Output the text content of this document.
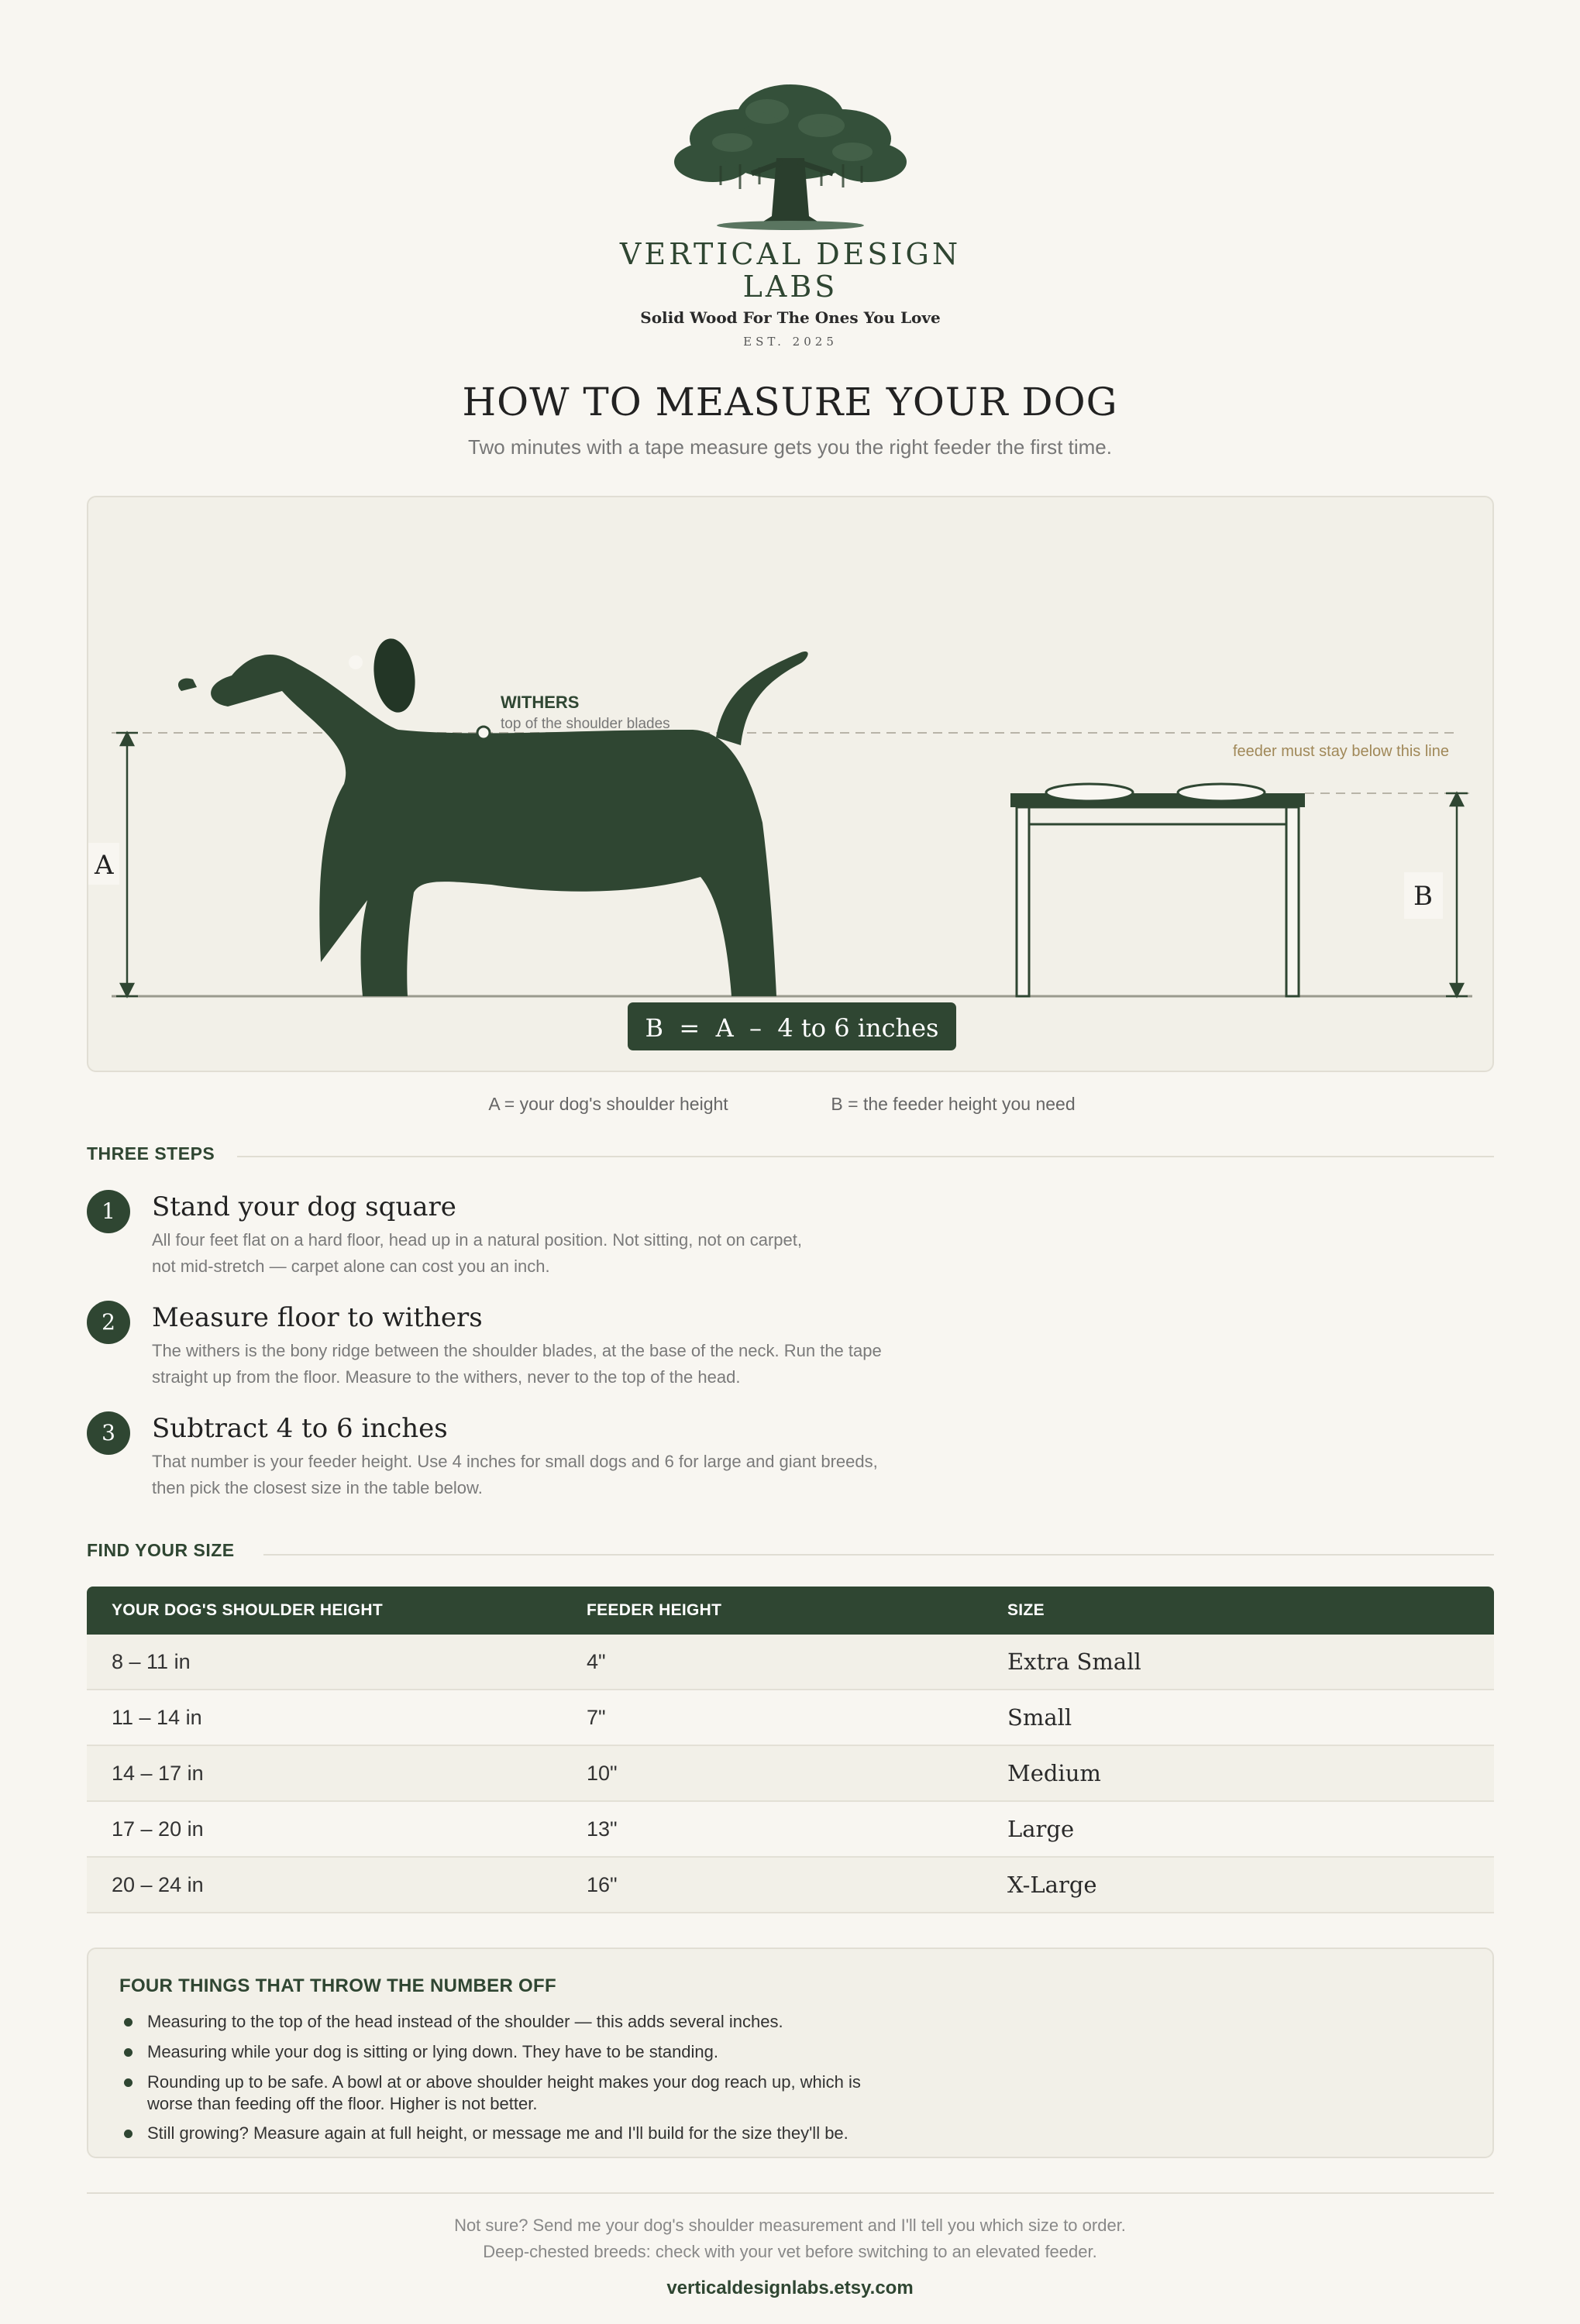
VERTICAL DESIGN
LABS
Solid Wood For The Ones You Love
EST. 2025
HOW TO MEASURE YOUR DOG
Two minutes with a tape measure gets you the right feeder the first time.
WITHERS
top of the shoulder blades
feeder must stay below this line
A
B
B  =  A  –  4 to 6 inches
A = your dog's shoulder height	B = the feeder height you need
THREE STEPS
1	Stand your dog square
All four feet flat on a hard floor, head up in a natural position. Not sitting, not on carpet,
not mid-stretch — carpet alone can cost you an inch.
2	Measure floor to withers
The withers is the bony ridge between the shoulder blades, at the base of the neck. Run the tape
straight up from the floor. Measure to the withers, never to the top of the head.
3	Subtract 4 to 6 inches
That number is your feeder height. Use 4 inches for small dogs and 6 for large and giant breeds,
then pick the closest size in the table below.
FIND YOUR SIZE
YOUR DOG'S SHOULDER HEIGHT	FEEDER HEIGHT	SIZE
8 – 11 in	4"	Extra Small
11 – 14 in	7"	Small
14 – 17 in	10"	Medium
17 – 20 in	13"	Large
20 – 24 in	16"	X-Large
FOUR THINGS THAT THROW THE NUMBER OFF
Measuring to the top of the head instead of the shoulder — this adds several inches.
Measuring while your dog is sitting or lying down. They have to be standing.
Rounding up to be safe. A bowl at or above shoulder height makes your dog reach up, which is
worse than feeding off the floor. Higher is not better.
Still growing? Measure again at full height, or message me and I'll build for the size they'll be.
Not sure? Send me your dog's shoulder measurement and I'll tell you which size to order.
Deep-chested breeds: check with your vet before switching to an elevated feeder.
verticaldesignlabs.etsy.com
